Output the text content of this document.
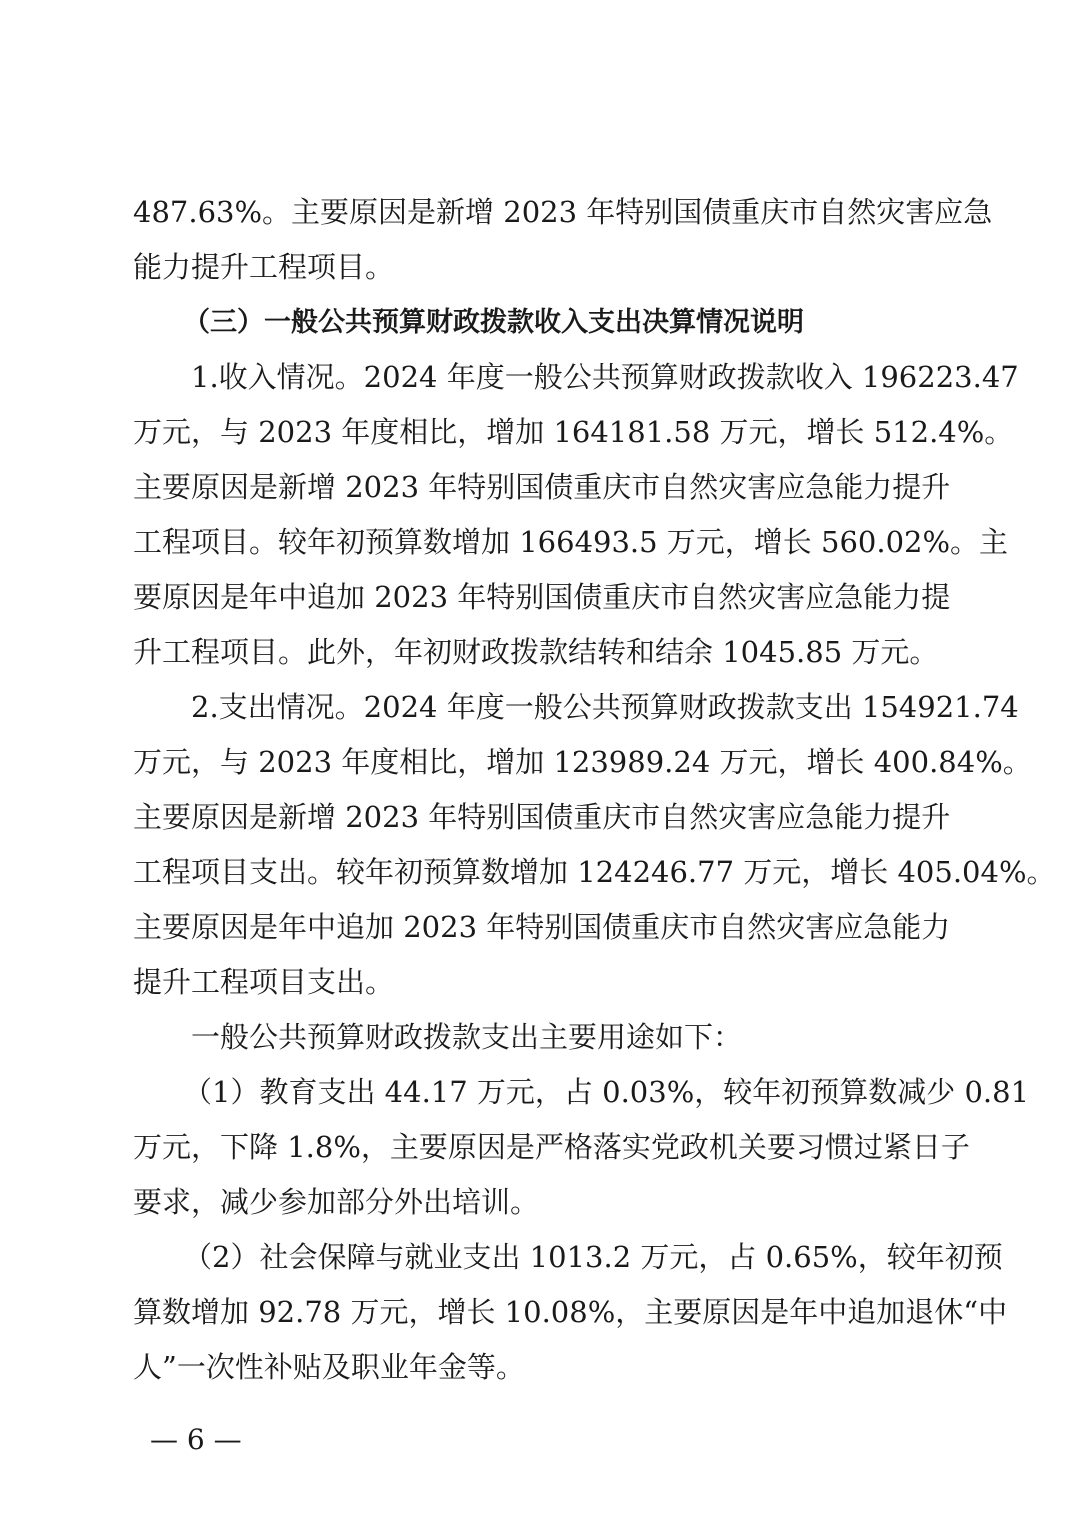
487.63%。主要原因是新增 2023 年特别国债重庆市自然灾害应急
能力提升工程项目。
（三）一般公共预算财政拨款收入支出决算情况说明
1.收入情况。2024 年度一般公共预算财政拨款收入 196223.47
万元，与 2023 年度相比，增加 164181.58 万元，增长 512.4%。
主要原因是新增 2023 年特别国债重庆市自然灾害应急能力提升
工程项目。较年初预算数增加 166493.5 万元，增长 560.02%。主
要原因是年中追加 2023 年特别国债重庆市自然灾害应急能力提
升工程项目。此外，年初财政拨款结转和结余 1045.85 万元。
2.支出情况。2024 年度一般公共预算财政拨款支出 154921.74
万元，与 2023 年度相比，增加 123989.24 万元，增长 400.84%。
主要原因是新增 2023 年特别国债重庆市自然灾害应急能力提升
工程项目支出。较年初预算数增加 124246.77 万元，增长 405.04%。
主要原因是年中追加 2023 年特别国债重庆市自然灾害应急能力
提升工程项目支出。
一般公共预算财政拨款支出主要用途如下：
（1）教育支出 44.17 万元，占 0.03%，较年初预算数减少 0.81
万元，下降 1.8%，主要原因是严格落实党政机关要习惯过紧日子
要求，减少参加部分外出培训。
（2）社会保障与就业支出 1013.2 万元，占 0.65%，较年初预
算数增加 92.78 万元，增长 10.08%，主要原因是年中追加退休“中
人”一次性补贴及职业年金等。
— 6 —
